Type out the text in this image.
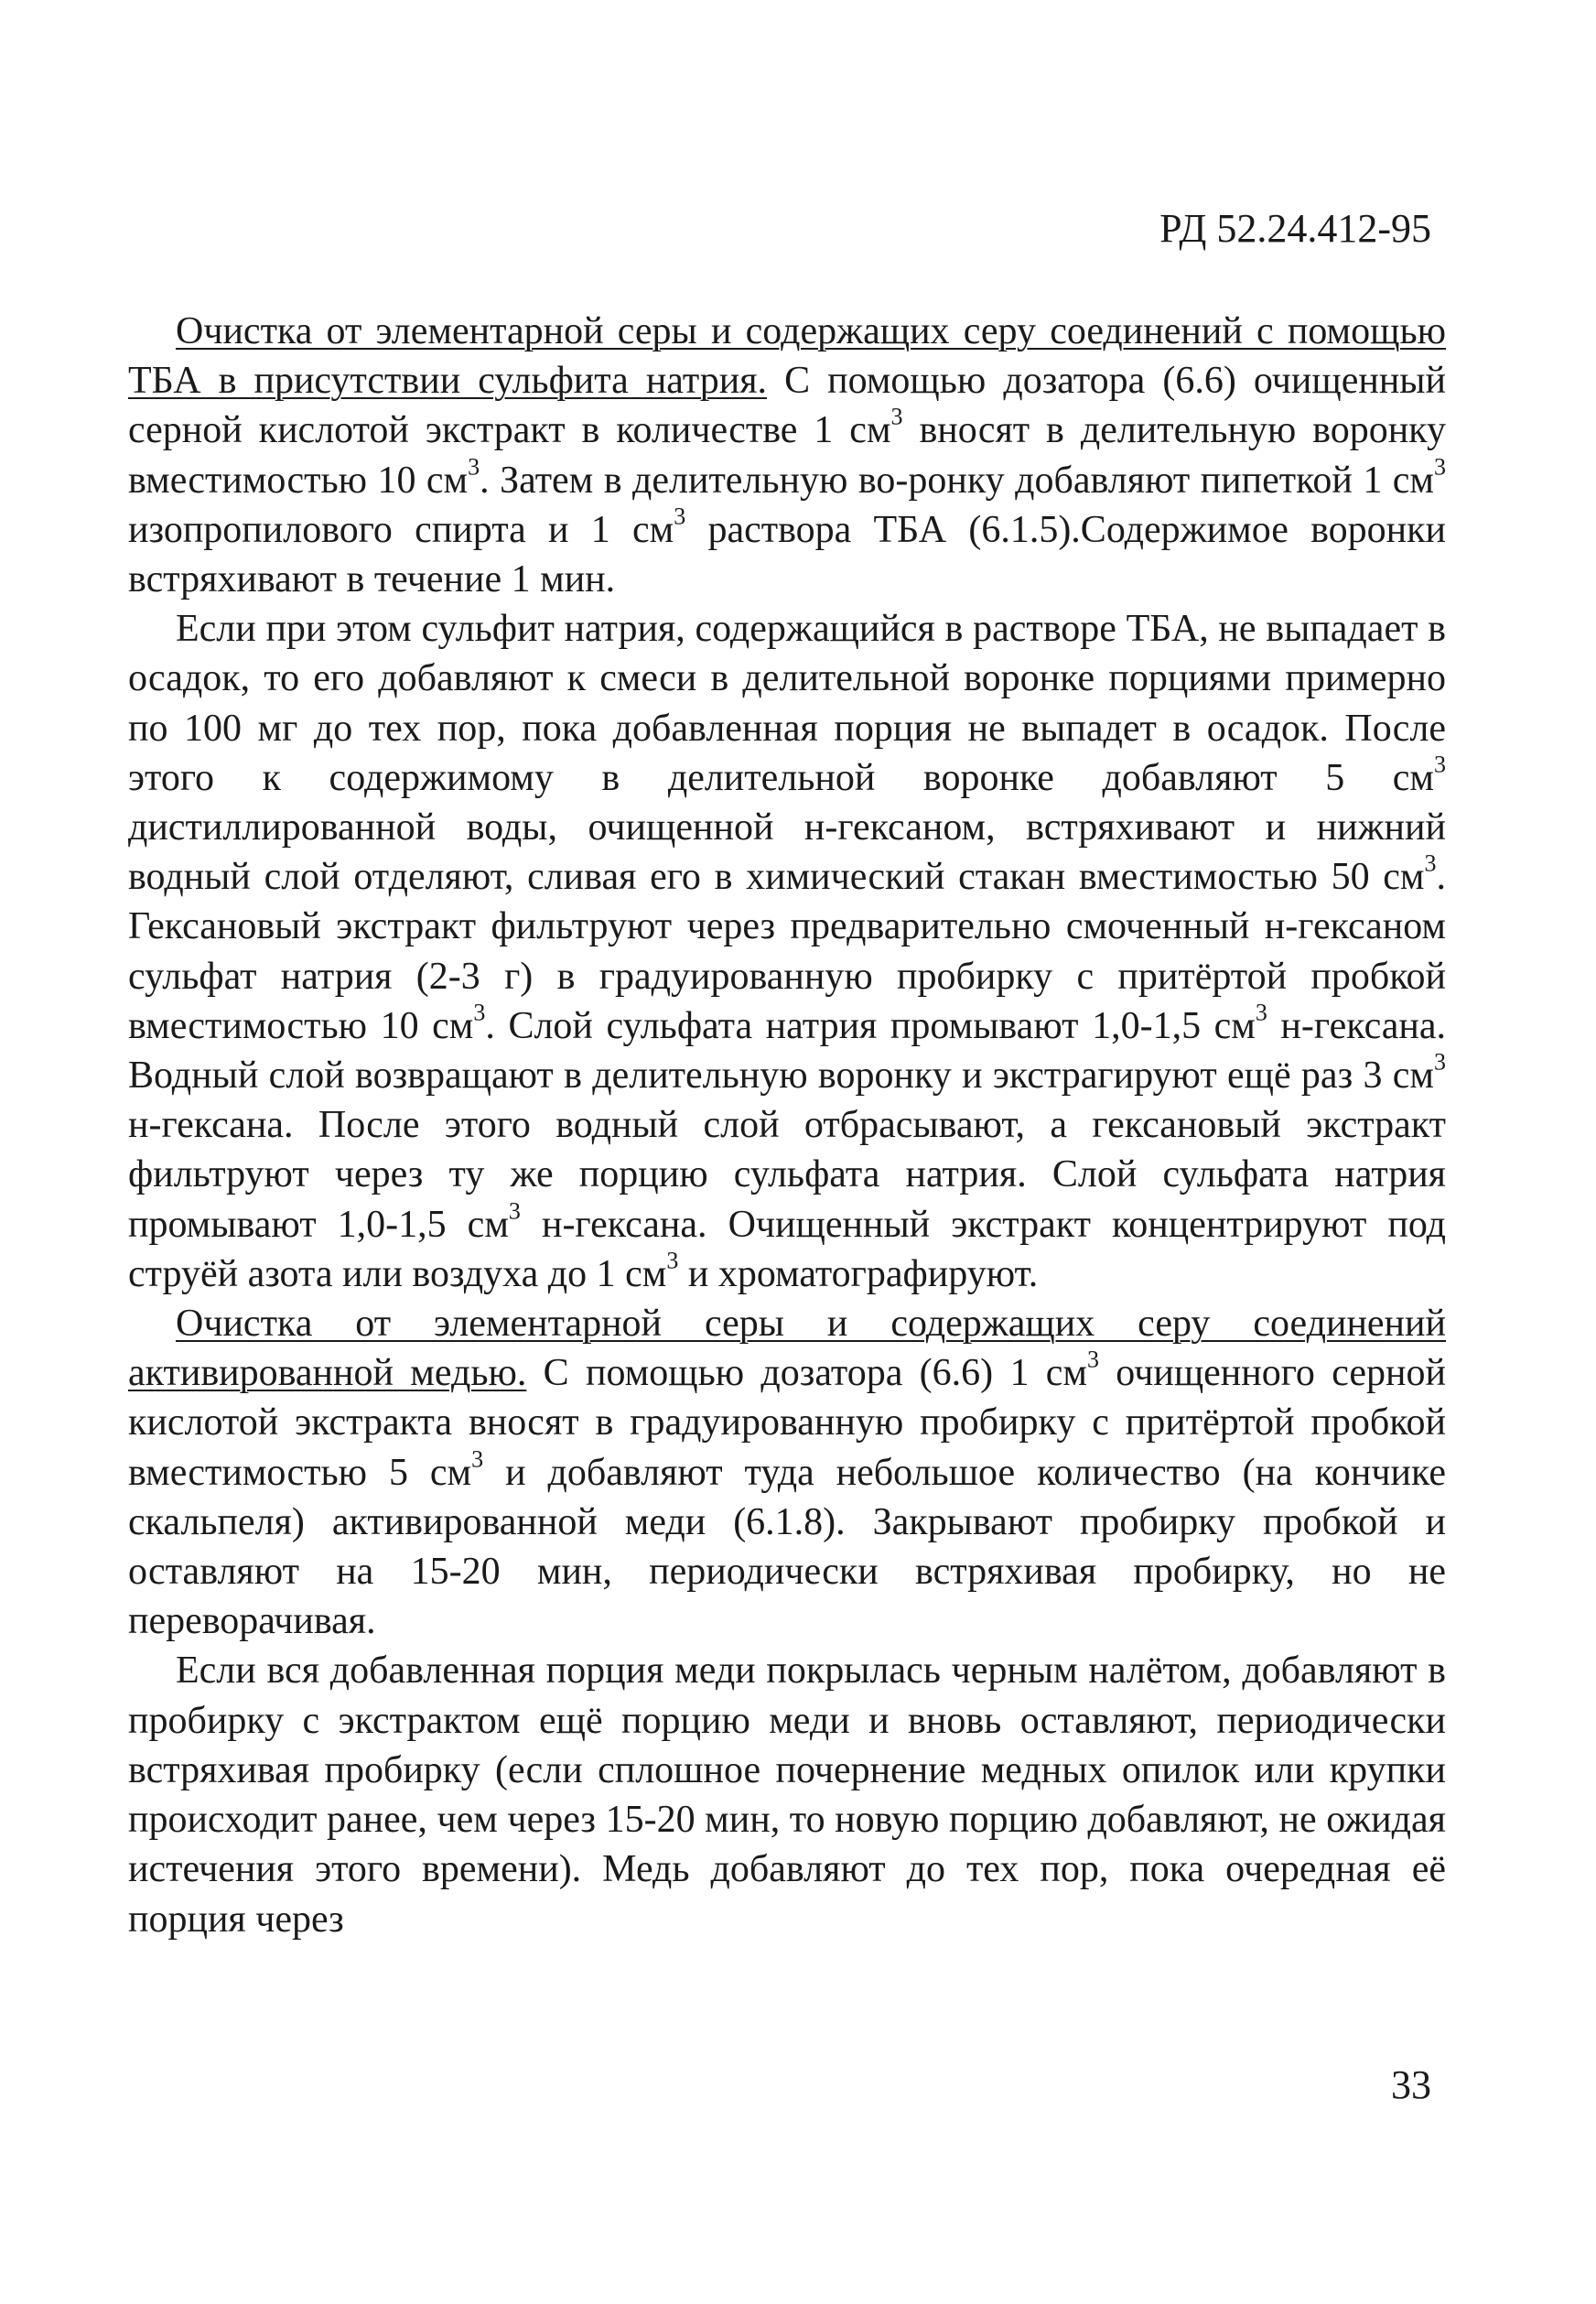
РД 52.24.412-95

Очистка от элементарной серы и содержащих серу соединений с помощью ТБА в присутствии сульфита натрия. С помощью дозатора (6.6) очищенный серной кислотой экстракт в количестве 1 $см^3$ вносят в делительную воронку вместимостью 10 $см^3$. Затем в делительную во-ронку добавляют пипеткой 1 $см^3$ изопропилового спирта и 1 $см^3$ раствора ТБА (6.1.5).Содержимое воронки встряхивают в течение 1 мин.

Если при этом сульфит натрия, содержащийся в растворе ТБА, не выпадает в осадок, то его добавляют к смеси в делительной воронке порциями примерно по 100 мг до тех пор, пока добавленная порция не выпадет в осадок. После этого к содержимому в делительной воронке добавляют 5 $см^3$ дистиллированной воды, очищенной н-гексаном, встряхивают и нижний водный слой отделяют, сливая его в химический стакан вместимостью 50 $см^3$. Гексановый экстракт фильтруют через предварительно смоченный н-гексаном сульфат натрия (2-3 г) в градуированную пробирку с притёртой пробкой вместимостью 10 $см^3$. Слой сульфата натрия промывают 1,0-1,5 $см^3$ н-гексана. Водный слой возвращают в делительную воронку и экстрагируют ещё раз 3 $см^3$ н-гексана. После этого водный слой отбрасывают, а гексановый экстракт фильтруют через ту же порцию сульфата натрия. Слой сульфата натрия промывают 1,0-1,5 $см^3$ н-гексана. Очищенный экстракт концентрируют под струёй азота или воздуха до 1 $см^3$ и хроматографируют.

Очистка от элементарной серы и содержащих серу соединений активированной медью. С помощью дозатора (6.6) 1 $см^3$ очищенного серной кислотой экстракта вносят в градуированную пробирку с притёртой пробкой вместимостью 5 $см^3$ и добавляют туда небольшое количество (на кончике скальпеля) активированной меди (6.1.8). Закрывают пробирку пробкой и оставляют на 15-20 мин, периодически встряхивая пробирку, но не переворачивая.

Если вся добавленная порция меди покрылась черным налётом, добавляют в пробирку с экстрактом ещё порцию меди и вновь оставляют, периодически встряхивая пробирку (если сплошное почернение медных опилок или крупки происходит ранее, чем через 15-20 мин, то новую порцию добавляют, не ожидая истечения этого времени). Медь добавляют до тех пор, пока очередная её порция через

33
